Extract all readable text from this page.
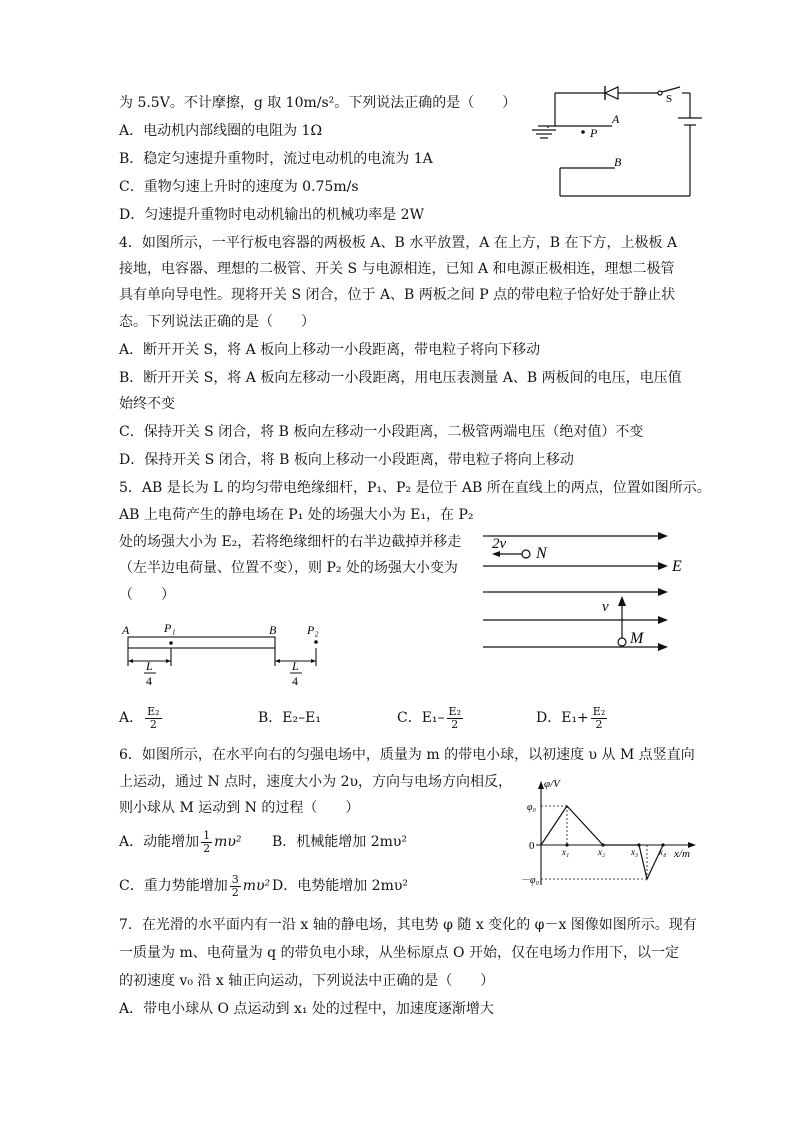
为 5.5V。不计摩擦，g 取 10m/s²。下列说法正确的是（　　）
A．电动机内部线圈的电阻为 1Ω
B．稳定匀速提升重物时，流过电动机的电流为 1A
C．重物匀速上升时的速度为 0.75m/s
D．匀速提升重物时电动机输出的机械功率是 2W
P
A
B
S
4．如图所示，一平行板电容器的两极板 A、B 水平放置，A 在上方，B 在下方，上极板 A
接地，电容器、理想的二极管、开关 S 与电源相连，已知 A 和电源正极相连，理想二极管
具有单向导电性。现将开关 S 闭合，位于 A、B 两板之间 P 点的带电粒子恰好处于静止状
态。下列说法正确的是（　　）
A．断开开关 S，将 A 板向上移动一小段距离，带电粒子将向下移动
B．断开开关 S，将 A 板向左移动一小段距离，用电压表测量 A、B 两板间的电压，电压值
始终不变
C．保持开关 S 闭合，将 B 板向左移动一小段距离，二极管两端电压（绝对值）不变
D．保持开关 S 闭合，将 B 板向上移动一小段距离，带电粒子将向上移动
5．AB 是长为 L 的均匀带电绝缘细杆，P₁、P₂ 是位于 AB 所在直线上的两点，位置如图所示。
AB 上电荷产生的静电场在 P₁ 处的场强大小为 E₁，在 P₂
处的场强大小为 E₂，若将绝缘细杆的右半边截掉并移走
（左半边电荷量、位置不变），则 P₂ 处的场强大小变为
（　　）
A	P₁	B	P₂
L
4
L
4
A． $\frac{\text{E₂}}{2}$	B．E₂–E₁	C．$E_1- \frac{\text{E₂}}{2}$	D．$E_1+ \frac{\text{E₂}}{2}$
2v
N
E
v
M
6．如图所示，在水平向右的匀强电场中，质量为 m 的带电小球，以初速度 υ 从 M 点竖直向
上运动，通过 N 点时，速度大小为 2υ，方向与电场方向相反，
则小球从 M 运动到 N 的过程（　　）
A．动能增加 $\frac{1}{2} m\upsilon^2$ B．机械能增加 2mυ²
C．重力势能增加 $\frac{3}{2} m\upsilon^2$ D．电势能增加 2mυ²
φ/V
x/m
0
φ₀
－φ₀
x₁	x₂	x₃ x₄
7．在光滑的水平面内有一沿 x 轴的静电场，其电势 φ 随 x 变化的 φ－x 图像如图所示。现有
一质量为 m、电荷量为 q 的带负电小球，从坐标原点 O 开始，仅在电场力作用下，以一定
的初速度 v₀ 沿 x 轴正向运动，下列说法中正确的是（　　）
A．带电小球从 O 点运动到 x₁ 处的过程中，加速度逐渐增大
